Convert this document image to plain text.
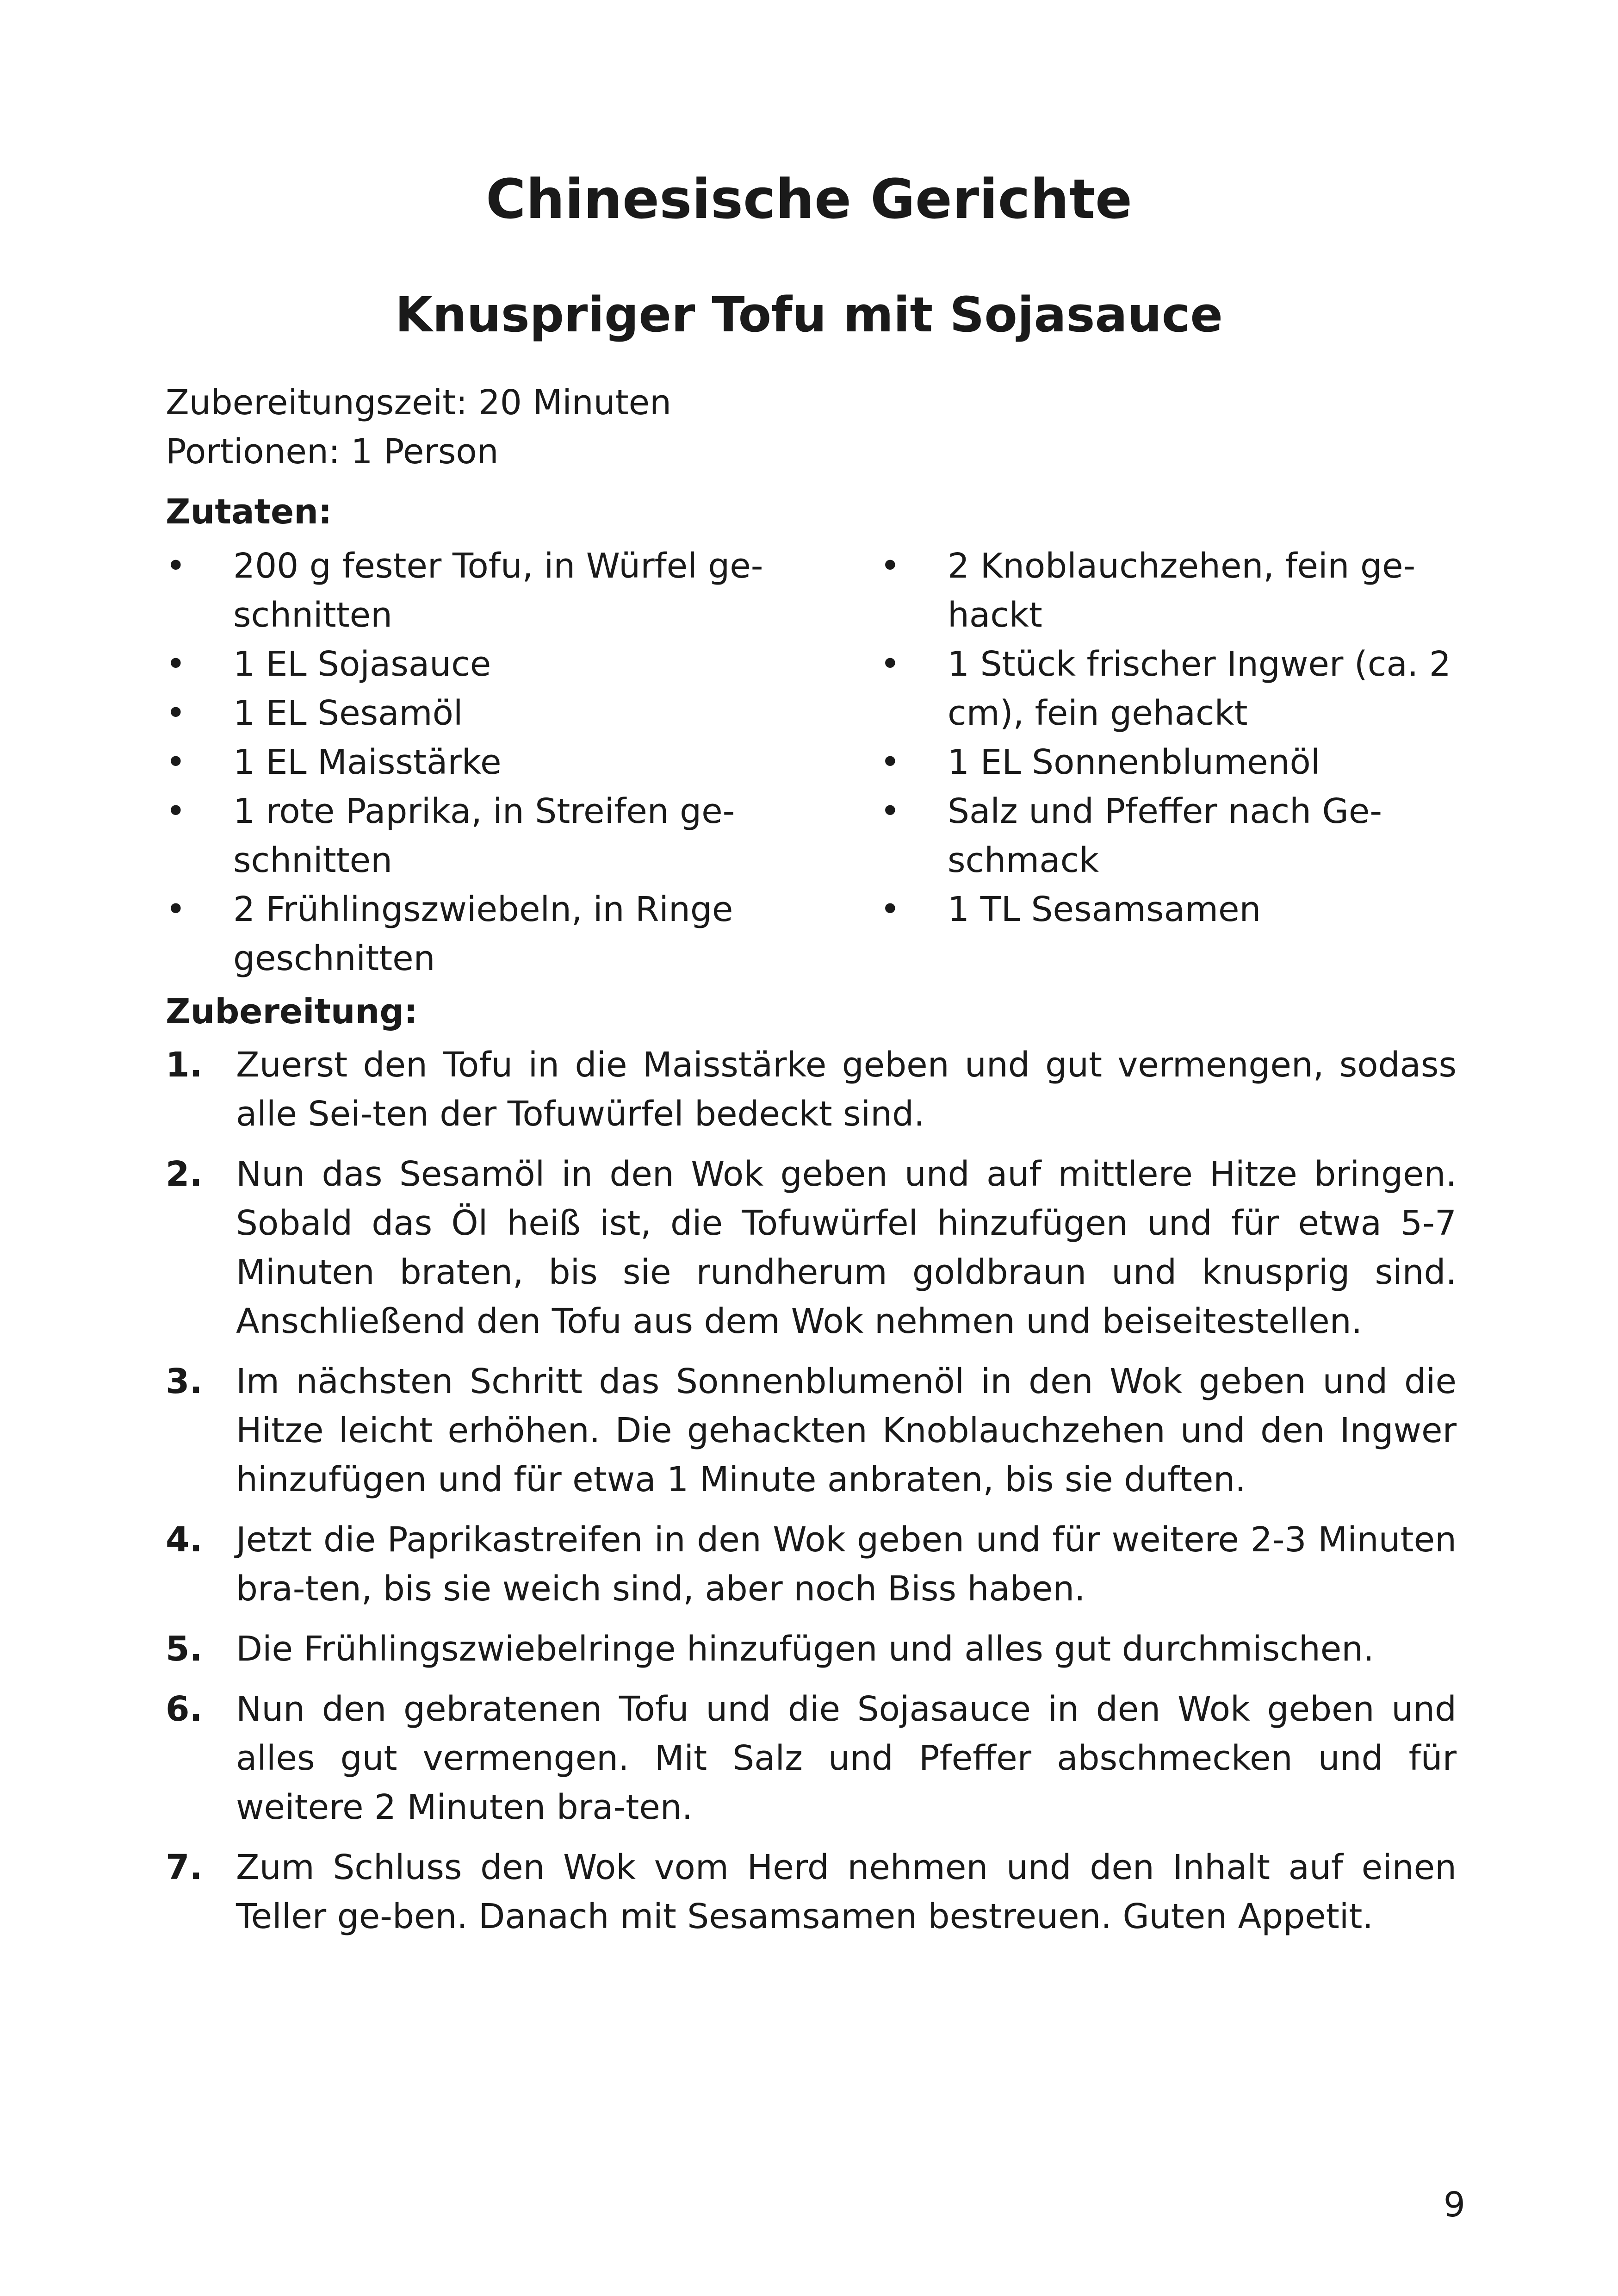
Chinesische Gerichte
Knuspriger Tofu mit Sojasauce
Zubereitungszeit: 20 Minuten
Portionen: 1 Person
Zutaten:
• 200 g fester Tofu, in Würfel ge-
schnitten
• 1 EL Sojasauce
• 1 EL Sesamöl
• 1 EL Maisstärke
• 1 rote Paprika, in Streifen ge-
schnitten
• 2 Frühlingszwiebeln, in Ringe
geschnitten
• 2 Knoblauchzehen, fein ge-
hackt
• 1 Stück frischer Ingwer (ca. 2
cm), fein gehackt
• 1 EL Sonnenblumenöl
• Salz und Pfeffer nach Ge-
schmack
• 1 TL Sesamsamen
Zubereitung:
1. Zuerst den Tofu in die Maisstärke geben und gut vermengen, sodass alle Sei-ten der Tofuwürfel bedeckt sind.
2. Nun das Sesamöl in den Wok geben und auf mittlere Hitze bringen. Sobald das Öl heiß ist, die Tofuwürfel hinzufügen und für etwa 5-7 Minuten braten, bis sie rundherum goldbraun und knusprig sind. Anschließend den Tofu aus dem Wok nehmen und beiseitestellen.
3. Im nächsten Schritt das Sonnenblumenöl in den Wok geben und die Hitze leicht erhöhen. Die gehackten Knoblauchzehen und den Ingwer hinzufügen und für etwa 1 Minute anbraten, bis sie duften.
4. Jetzt die Paprikastreifen in den Wok geben und für weitere 2-3 Minuten bra-ten, bis sie weich sind, aber noch Biss haben.
5. Die Frühlingszwiebelringe hinzufügen und alles gut durchmischen.
6. Nun den gebratenen Tofu und die Sojasauce in den Wok geben und alles gut vermengen. Mit Salz und Pfeffer abschmecken und für weitere 2 Minuten bra-ten.
7. Zum Schluss den Wok vom Herd nehmen und den Inhalt auf einen Teller ge-ben. Danach mit Sesamsamen bestreuen. Guten Appetit.
9
